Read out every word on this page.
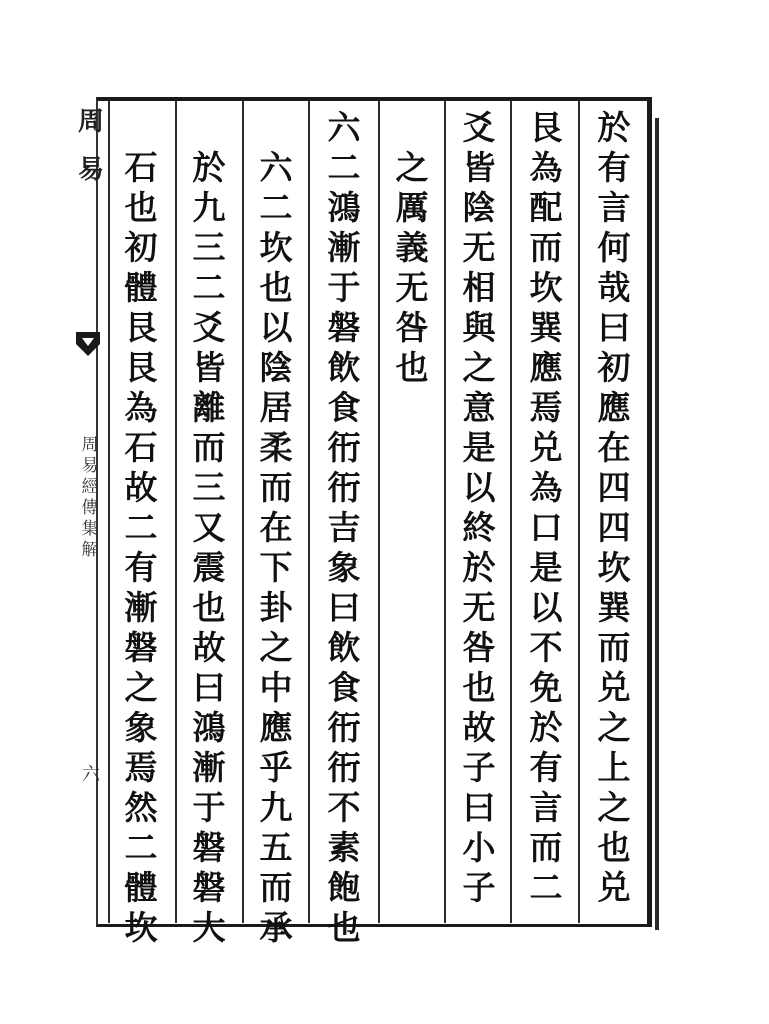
於
有
言
何
哉
曰
初
應
在
四
四
坎
巽
而
兑
之
上
之
也
兑
艮
為
配
而
坎
巽
應
焉
兑
為
口
是
以
不
免
於
有
言
而
二
爻
皆
陰
无
相
與
之
意
是
以
終
於
无
咎
也
故
子
曰
小
子
之
厲
義
无
咎
也
六
二
鴻
漸
于
磐
飲
食
衎
衎
吉
象
曰
飲
食
衎
衎
不
素
飽
也
六
二
坎
也
以
陰
居
柔
而
在
下
卦
之
中
應
乎
九
五
而
承
於
九
三
二
爻
皆
離
而
三
又
震
也
故
曰
鴻
漸
于
磐
磐
大
石
也
初
體
艮
艮
為
石
故
二
有
漸
磐
之
象
焉
然
二
體
坎
周
易
周
易
經
傳
集
解
六
